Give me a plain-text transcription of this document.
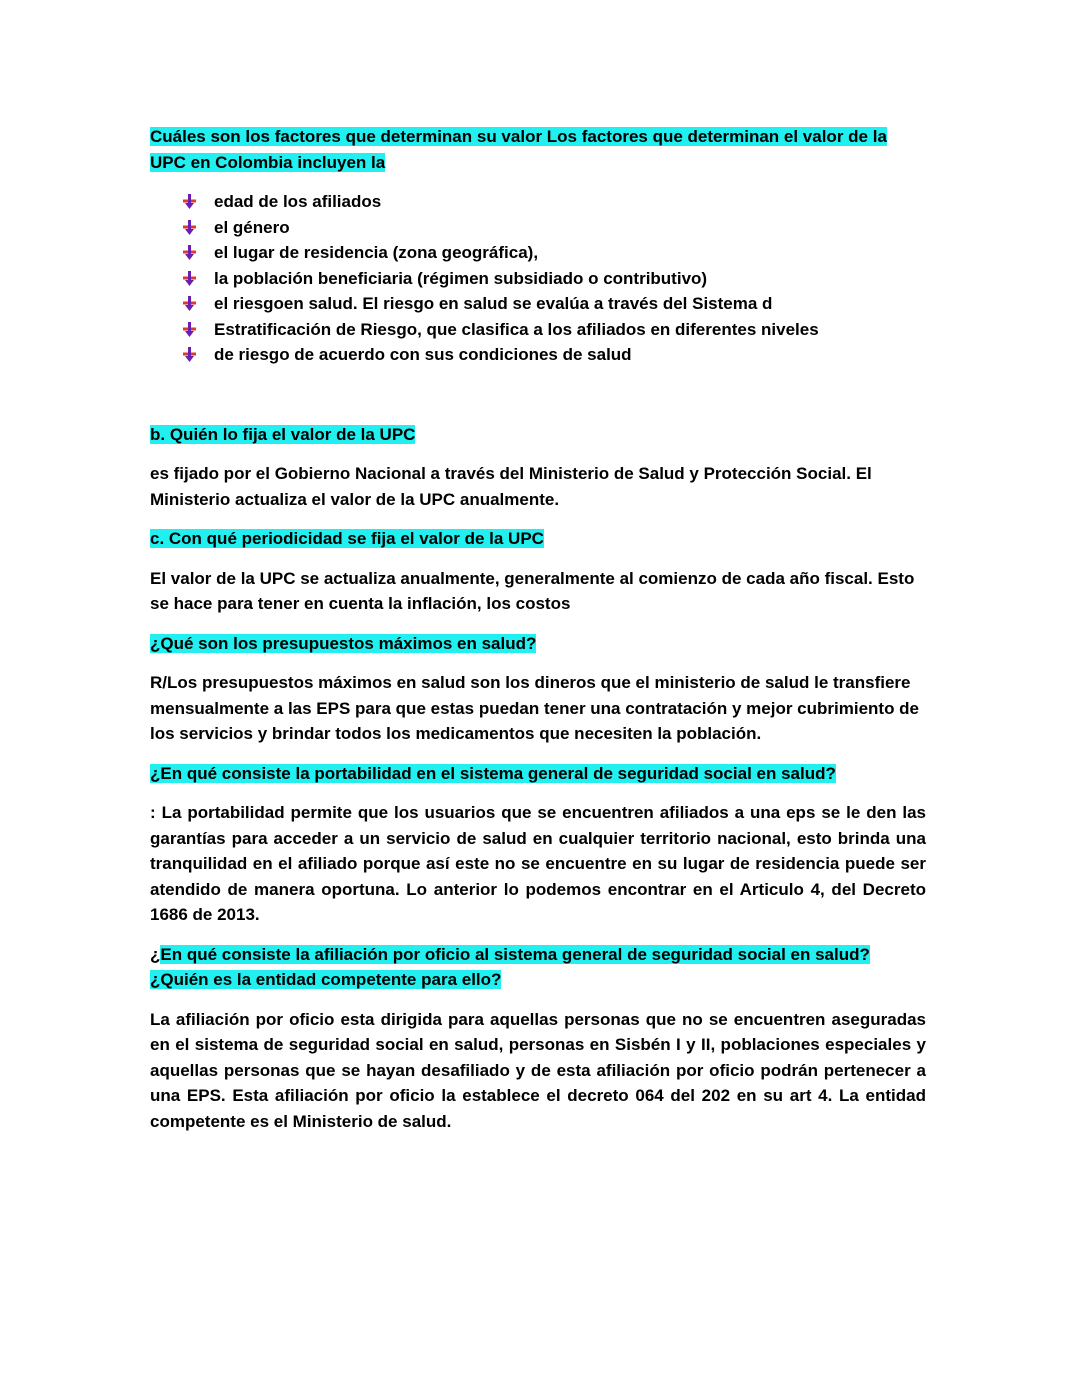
Cuáles son los factores que determinan su valor Los factores que determinan el valor de la UPC en Colombia incluyen la

edad de los afiliados
el género
el lugar de residencia (zona geográfica),
la población beneficiaria (régimen subsidiado o contributivo)
el riesgoen salud. El riesgo en salud se evalúa a través del Sistema d
Estratificación de Riesgo, que clasifica a los afiliados en diferentes niveles
de riesgo de acuerdo con sus condiciones de salud

b. Quién lo fija el valor de la UPC

es fijado por el Gobierno Nacional a través del Ministerio de Salud y Protección Social. El Ministerio actualiza el valor de la UPC anualmente.

c. Con qué periodicidad se fija el valor de la UPC

El valor de la UPC se actualiza anualmente, generalmente al comienzo de cada año fiscal. Esto se hace para tener en cuenta la inflación, los costos

¿Qué son los presupuestos máximos en salud?

R/Los presupuestos máximos en salud son los dineros que el ministerio de salud le transfiere mensualmente a las EPS para que estas puedan tener una contratación y mejor cubrimiento de los servicios y brindar todos los medicamentos que necesiten la población.

¿En qué consiste la portabilidad en el sistema general de seguridad social en salud?

: La portabilidad permite que los usuarios que se encuentren afiliados a una eps se le den las garantías para acceder a un servicio de salud en cualquier territorio nacional, esto brinda una tranquilidad en el afiliado porque así este no se encuentre en su lugar de residencia puede ser atendido de manera oportuna. Lo anterior lo podemos encontrar en el Articulo 4, del Decreto 1686 de 2013.

¿En qué consiste la afiliación por oficio al sistema general de seguridad social en salud? ¿Quién es la entidad competente para ello?

La afiliación por oficio esta dirigida para aquellas personas que no se encuentren aseguradas en el sistema de seguridad social en salud, personas en Sisbén I y II, poblaciones especiales y aquellas personas que se hayan desafiliado y de esta afiliación por oficio podrán pertenecer a una EPS. Esta afiliación por oficio la establece el decreto 064 del 202 en su art 4. La entidad competente es el Ministerio de salud.
